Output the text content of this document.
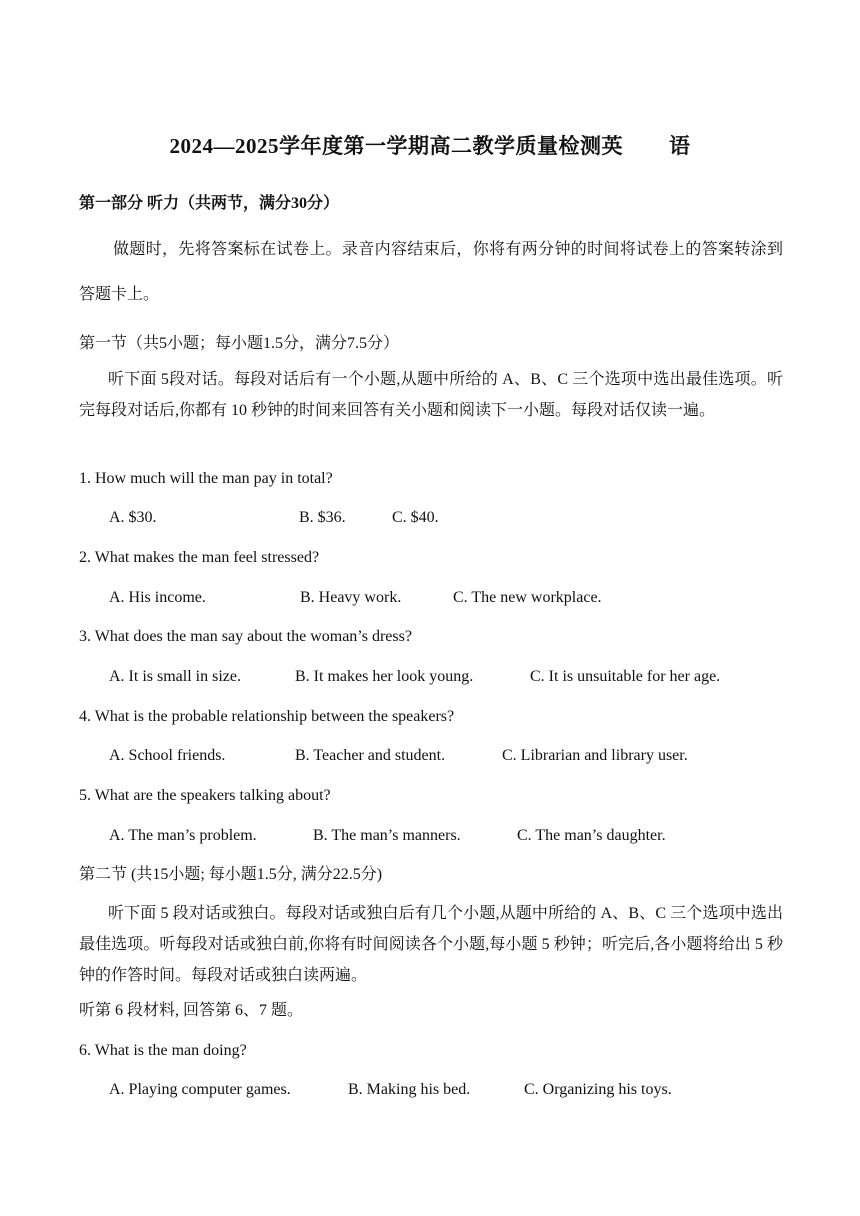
2024—2025学年度第一学期高二教学质量检测英 语
第一部分 听力（共两节，满分30分）
做题时，先将答案标在试卷上。录音内容结束后，你将有两分钟的时间将试卷上的答案转涂到答题卡上。
第一节（共5小题；每小题1.5分，满分7.5分）
听下面 5段对话。每段对话后有一个小题,从题中所给的 A、B、C 三个选项中选出最佳选项。听完每段对话后,你都有 10 秒钟的时间来回答有关小题和阅读下一小题。每段对话仅读一遍。
1. How much will the man pay in total?
A. $30.	B. $36.	C. $40.
2. What makes the man feel stressed?
A. His income.	B. Heavy work.	C. The new workplace.
3. What does the man say about the woman’s dress?
A. It is small in size.	B. It makes her look young.	C. It is unsuitable for her age.
4. What is the probable relationship between the speakers?
A. School friends.	B. Teacher and student.	C. Librarian and library user.
5. What are the speakers talking about?
A. The man’s problem.	B. The man’s manners.	C. The man’s daughter.
第二节 (共15小题; 每小题1.5分, 满分22.5分)
听下面 5 段对话或独白。每段对话或独白后有几个小题,从题中所给的 A、B、C 三个选项中选出最佳选项。听每段对话或独白前,你将有时间阅读各个小题,每小题 5 秒钟；听完后,各小题将给出 5 秒钟的作答时间。每段对话或独白读两遍。
听第 6 段材料, 回答第 6、7 题。
6. What is the man doing?
A. Playing computer games.	B. Making his bed.	C. Organizing his toys.
